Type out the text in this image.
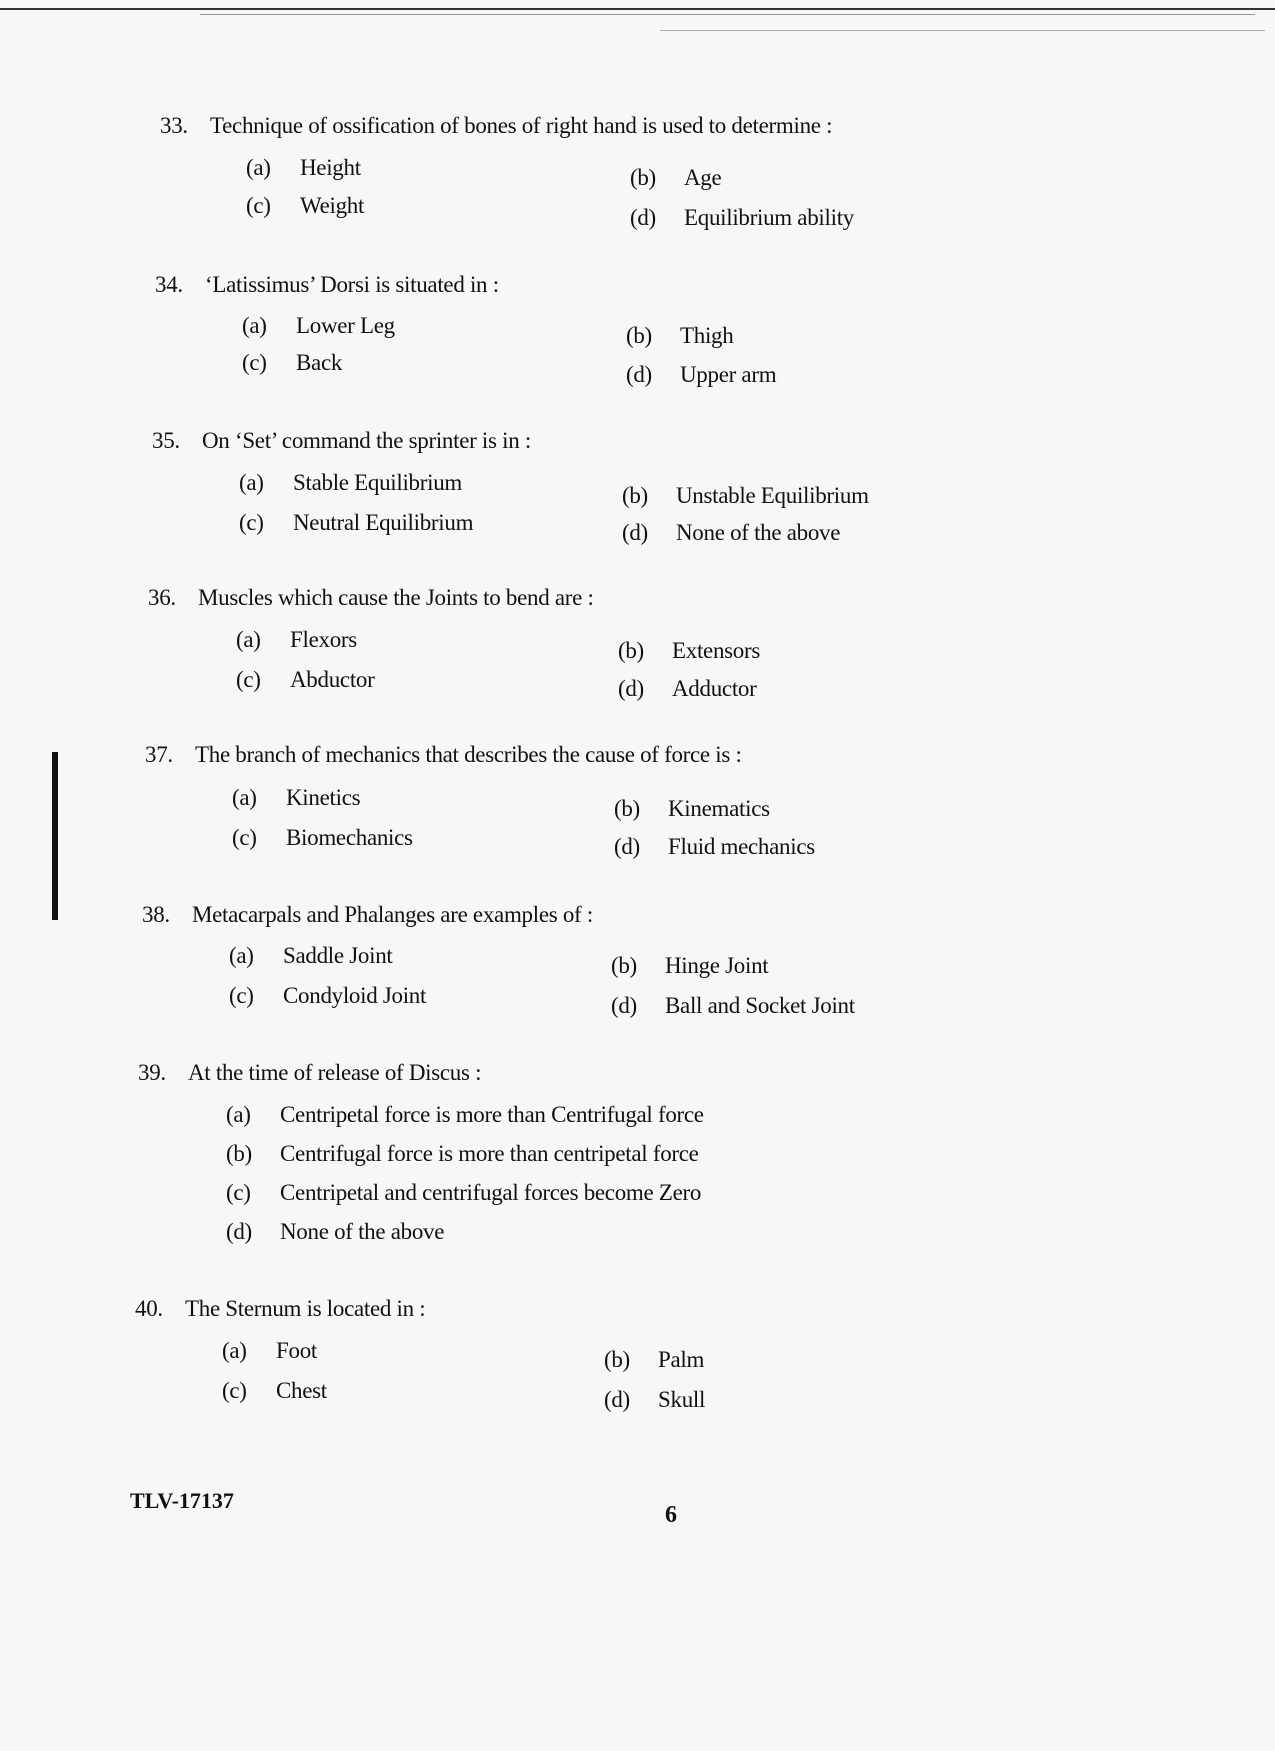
33. Technique of ossification of bones of right hand is used to determine :
(a) Height	(b) Age
(c) Weight	(d) Equilibrium ability
34. ‘Latissimus’ Dorsi is situated in :
(a) Lower Leg	(b) Thigh
(c) Back	(d) Upper arm
35. On ‘Set’ command the sprinter is in :
(a) Stable Equilibrium
(b) Unstable Equilibrium
(c) Neutral Equilibrium	(d) None of the above
36. Muscles which cause the Joints to bend are :
(a) Flexors	(b) Extensors
(c) Abductor	(d) Adductor
37. The branch of mechanics that describes the cause of force is :
(a) Kinetics	(b) Kinematics
(c) Biomechanics	(d) Fluid mechanics
38. Metacarpals and Phalanges are examples of :
(a) Saddle Joint	(b) Hinge Joint
(c) Condyloid Joint	(d) Ball and Socket Joint
39. At the time of release of Discus :
(a) Centripetal force is more than Centrifugal force
(b) Centrifugal force is more than centripetal force
(c) Centripetal and centrifugal forces become Zero
(d) None of the above
40. The Sternum is located in :
(a) Foot	(b) Palm
(c) Chest	(d) Skull
TLV-17137
6
